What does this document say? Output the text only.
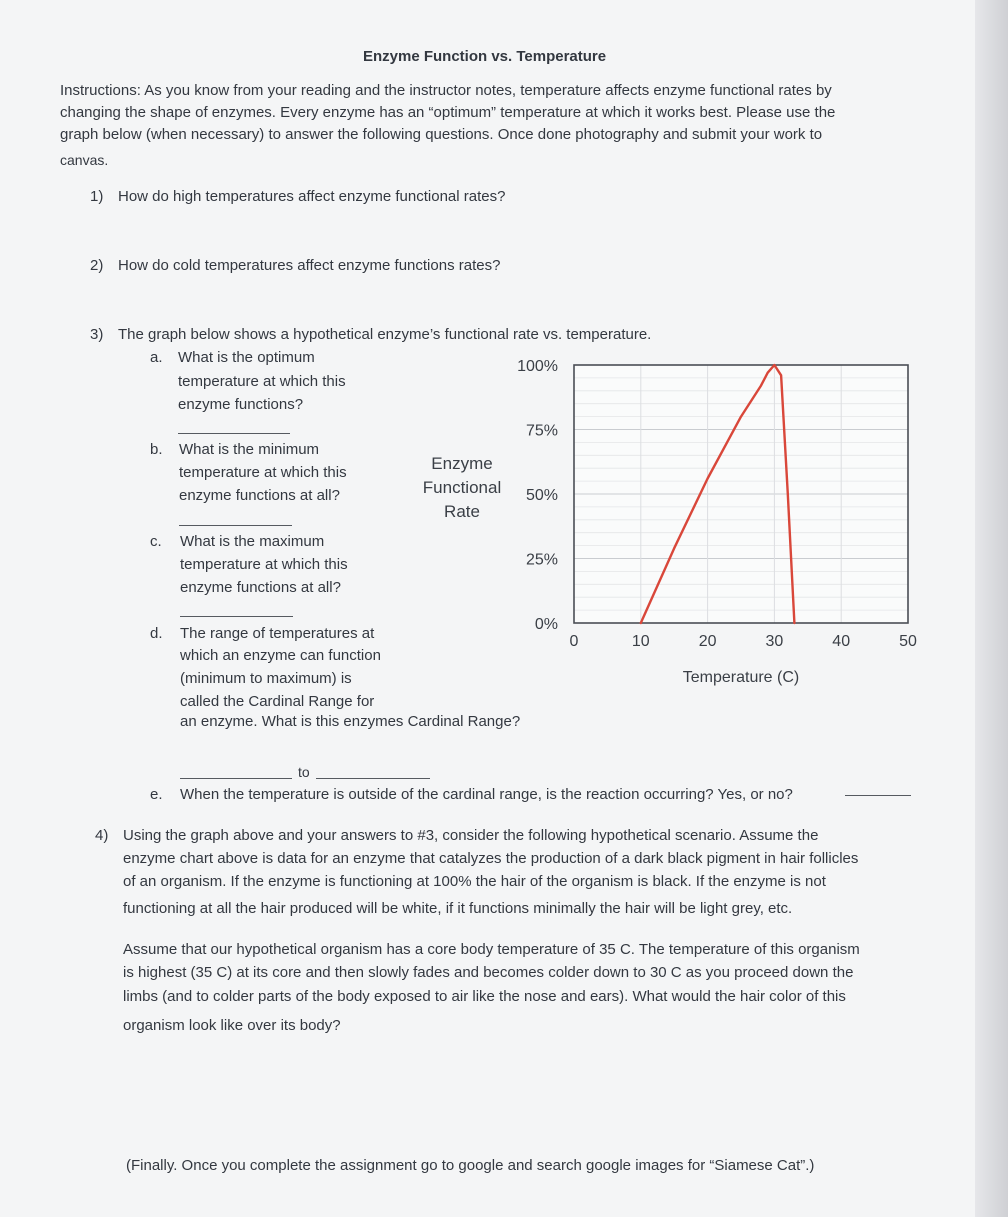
Enzyme Function vs. Temperature
Instructions: As you know from your reading and the instructor notes, temperature affects enzyme functional rates by
changing the shape of enzymes. Every enzyme has an “optimum” temperature at which it works best. Please use the
graph below (when necessary) to answer the following questions. Once done photography and submit your work to
canvas.
1) How do high temperatures affect enzyme functional rates?
2) How do cold temperatures affect enzyme functions rates?
3) The graph below shows a hypothetical enzyme’s functional rate vs. temperature.
a. What is the optimum
temperature at which this
enzyme functions?
b. What is the minimum
temperature at which this
enzyme functions at all?
c. What is the maximum
temperature at which this
enzyme functions at all?
d. The range of temperatures at
which an enzyme can function
(minimum to maximum) is
called the Cardinal Range for
an enzyme. What is this enzymes Cardinal Range?
to
e. When the temperature is outside of the cardinal range, is the reaction occurring? Yes, or no?
100%
75%
50%
25%
0%
0	10	20	30	40	50
Enzyme
Functional
Rate
Temperature (C)
4) Using the graph above and your answers to #3, consider the following hypothetical scenario. Assume the
enzyme chart above is data for an enzyme that catalyzes the production of a dark black pigment in hair follicles
of an organism. If the enzyme is functioning at 100% the hair of the organism is black. If the enzyme is not
functioning at all the hair produced will be white, if it functions minimally the hair will be light grey, etc.
Assume that our hypothetical organism has a core body temperature of 35 C. The temperature of this organism
is highest (35 C) at its core and then slowly fades and becomes colder down to 30 C as you proceed down the
limbs (and to colder parts of the body exposed to air like the nose and ears). What would the hair color of this
organism look like over its body?
(Finally. Once you complete the assignment go to google and search google images for “Siamese Cat”.)
